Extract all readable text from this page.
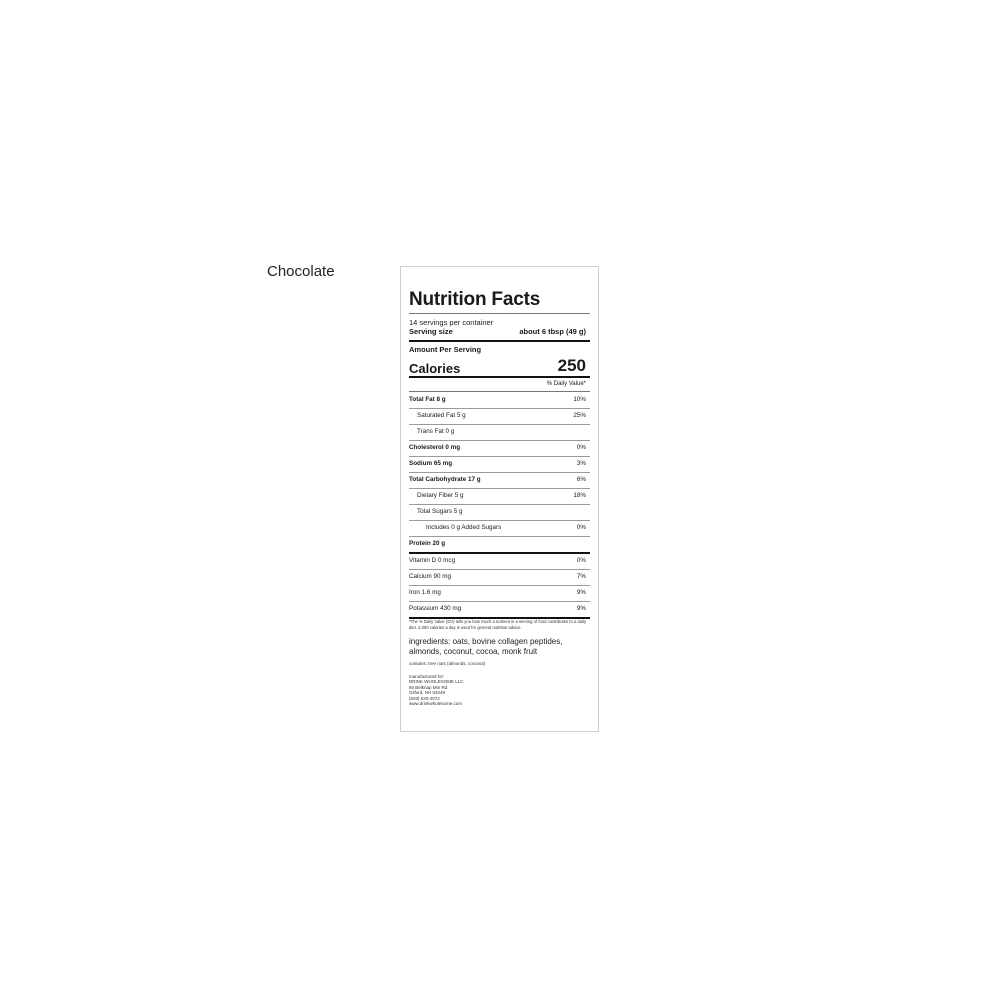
Chocolate
Nutrition Facts
14 servings per container
Serving size	about 6 tbsp (49 g)
Amount Per Serving
Calories	250
% Daily Value*
Total Fat 8 g	10%
Saturated Fat 5 g	25%
Trans Fat 0 g
Cholesterol 0 mg	0%
Sodium 65 mg	3%
Total Carbohydrate 17 g	6%
Dietary Fiber 5 g	18%
Total Sugars 5 g
Includes 0 g Added Sugars	0%
Protein 20 g
Vitamin D 0 mcg	0%
Calcium 90 mg	7%
Iron 1.6 mg	9%
Potassium 430 mg	9%
*The % Daily Value (DV) tells you how much a nutrient in a serving of food contributes to a daily diet. 2,000 calories a day is used for general nutrition advice.
ingredients: oats, bovine collagen peptides, almonds, coconut, cocoa, monk fruit
contains: tree nuts (almonds, coconut)
manufactured for:
DRINK WHOLESOME LLC
50 Belknap Mtn Rd
Gilford, NH 03249
(603) 520-4072
www.drinkwholesome.com
